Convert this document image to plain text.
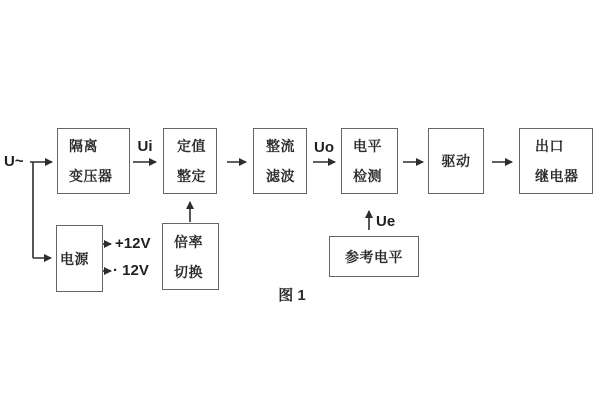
隔离
变压器
定值
整定
整流
滤波
电平
检测
驱动
出口
继电器
电源
倍率
切换
参考电平
U~
Ui	Uo
Ue
+12V
· 12V
图 1
